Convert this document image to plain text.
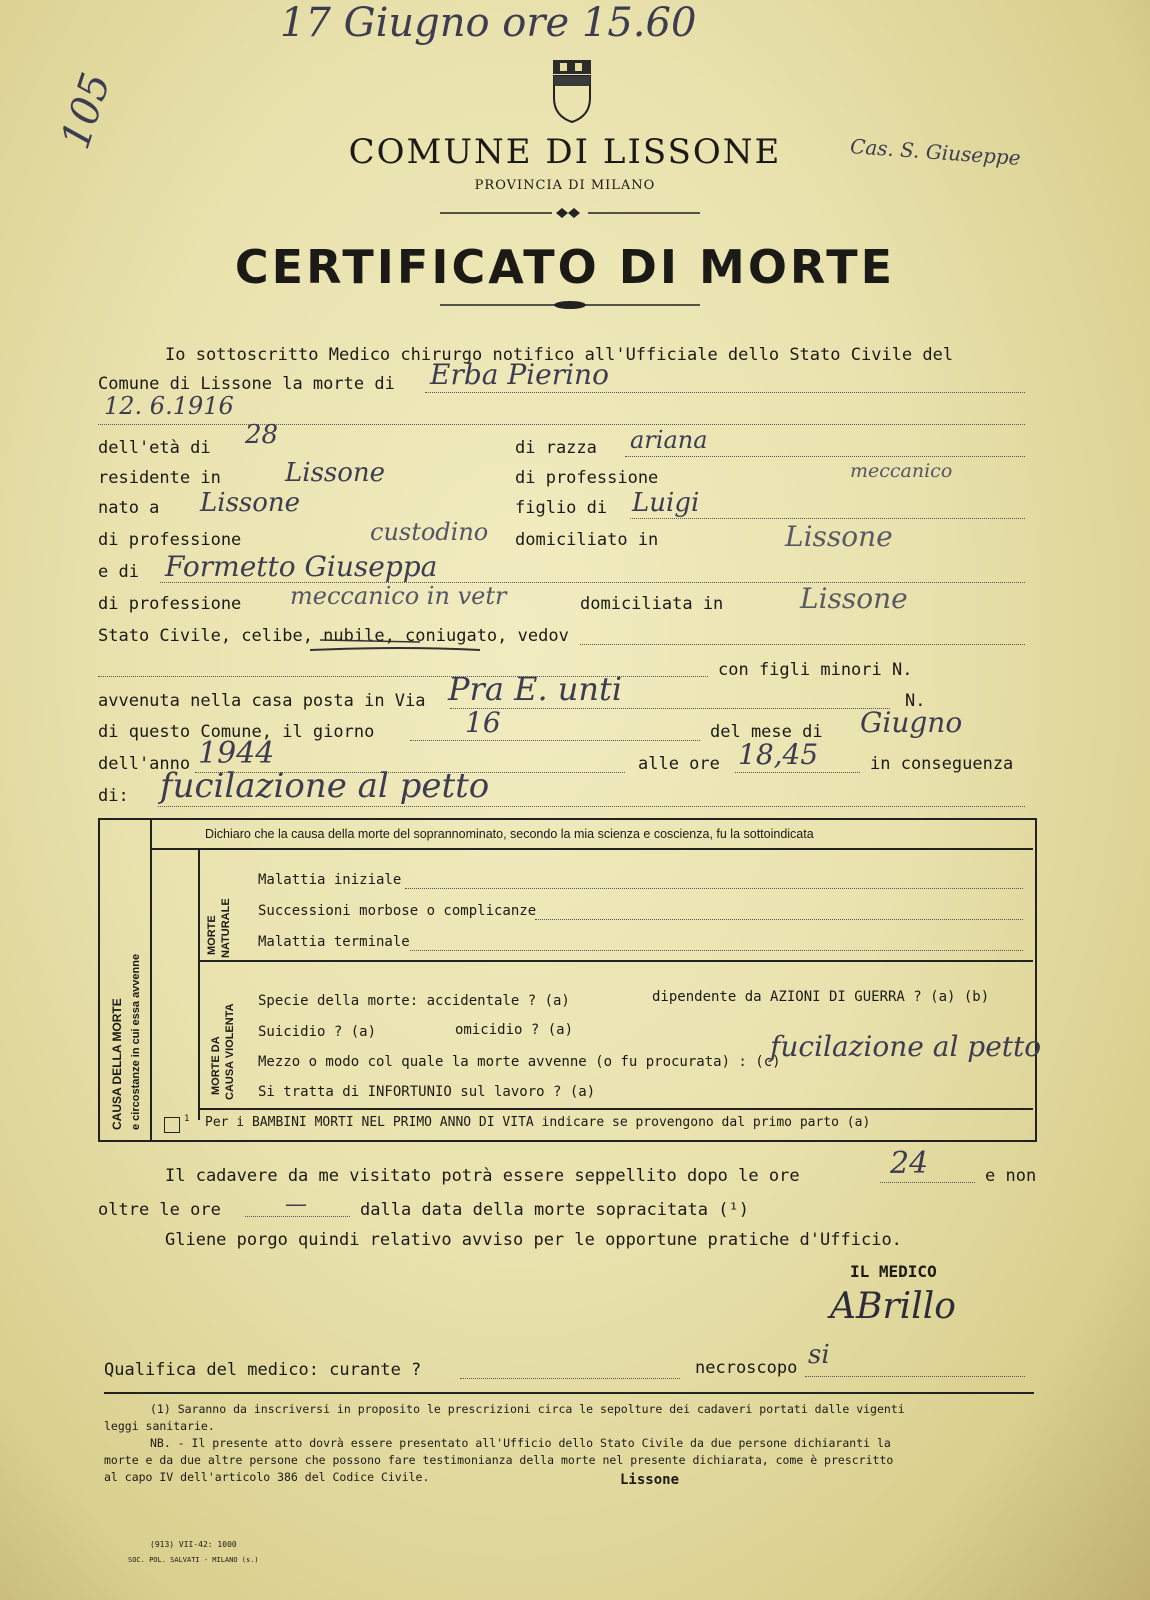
17 Giugno ore 15.60
105	Cas. S. Giuseppe
COMUNE DI LISSONE
PROVINCIA DI MILANO
CERTIFICATO DI MORTE
Io sottoscritto Medico chirurgo notifico all'Ufficiale dello Stato Civile del
Comune di Lissone la morte di Erba Pierino
12. 6.1916
dell'età di 28	di razza ariana
residente in Lissone	di professione	meccanico
nato a Lissone	figlio di Luigi
di professione	custodino domiciliato in	Lissone
e di Formetto Giuseppa
di professione meccanico in vetr	domiciliata in	Lissone
Stato Civile, celibe, nubile, coniugato, vedov
con figli minori N.
avvenuta nella casa posta in Via Pra E. unti	N.
di questo Comune, il giorno	16	del mese di Giugno
dell'anno 1944	alle ore 18,45	in conseguenza
di: fucilazione al petto
CAUSA DELLA MORTE e circostanze in cui essa avvenne
Dichiaro che la causa della morte del soprannominato, secondo la mia scienza e coscienza, fu la sottoindicata
MORTE NATURALE
Malattia iniziale
Successioni morbose o complicanze
Malattia terminale
MORTE DA CAUSA VIOLENTA
Specie della morte: accidentale ? (a)	dipendente da AZIONI DI GUERRA ? (a) (b)
Suicidio ? (a)	omicidio ? (a)
Mezzo o modo col quale la morte avvenne (o fu procurata) : (c)
fucilazione al petto
Si tratta di INFORTUNIO sul lavoro ? (a)
1 Per i BAMBINI MORTI NEL PRIMO ANNO DI VITA indicare se provengono dal primo parto (a)
Il cadavere da me visitato potrà essere seppellito dopo le ore	24	e non
oltre le ore	—	dalla data della morte sopracitata (¹)
Gliene porgo quindi relativo avviso per le opportune pratiche d'Ufficio.
IL MEDICO
ABrillo
Qualifica del medico: curante ?	necroscopo si
(1) Saranno da inscriversi in proposito le prescrizioni circa le sepolture dei cadaveri portati dalle vigenti
leggi sanitarie.
NB. - Il presente atto dovrà essere presentato all'Ufficio dello Stato Civile da due persone dichiaranti la
morte e da due altre persone che possono fare testimonianza della morte nel presente dichiarata, come è prescritto
al capo IV dell'articolo 386 del Codice Civile.	Lissone
(913) VII-42: 1000
SOC. POL. SALVATI - MILANO (s.)
